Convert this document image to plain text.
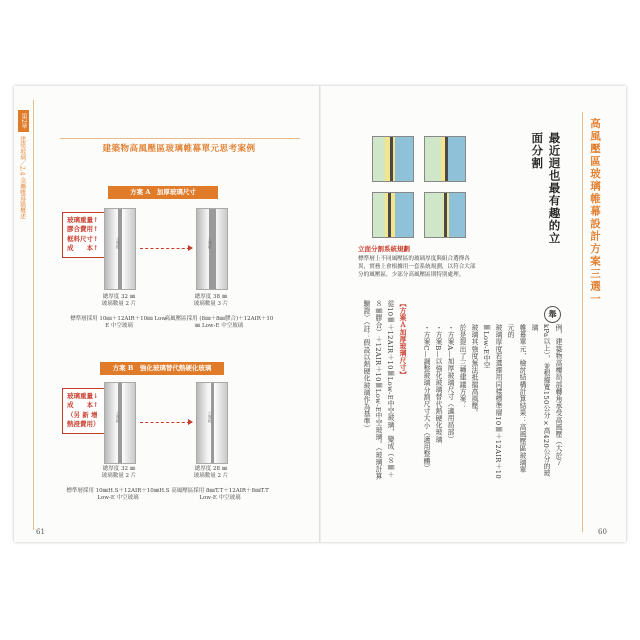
第2章
建築玻璃／2.4 金屬帷幕牆概述	建築物高風壓區玻璃帷幕單元思考案例
方案 A　加厚玻璃尺寸
玻璃重量↑
膠合費用↑
框料尺寸↑
成　　本↑	公壓框	公壓框
總厚度 32 ㎜
玻璃數量 2 片
總厚度 38 ㎜
玻璃數量 3 片
標準層採用 10㎜＋12AIR＋10㎜ Low-E 中空玻璃
高風壓區採用 (8㎜＋8㎜膠合)＋12AIR＋10㎜ Low-E 中空玻璃
方案 B　強化玻璃替代熱硬化玻璃
玻璃重量↓
成　　本↑
（另 新 增
熱浸費用）
公壓框	公壓框
總厚度 32 ㎜
玻璃數量 2 片
總厚度 28 ㎜
玻璃數量 2 片
標準層採用 10㎜H.S＋12AIR＋10㎜H.S Low-E 中空玻璃
高風壓區採用 8㎜T.T＋12AIR＋8㎜T.T Low-E 中空玻璃
61
高風壓區玻璃帷幕設計方案三選一
最近迥也最有趣的立面分割
立面分割系統規劃
標準層上不同風壓區的玻璃厚度與組合選擇各異，實務上會根據用一套系統規劃，以符合大部分的風壓區，少部分高風壓區則特別處理。
舉
例，建築物高樓局部轉角承受高風壓（大於７
kPa以上），並根據寬150公分×高420公分的玻璃
帷幕單元，檢討結構計算結果：高風壓區玻璃單元的
玻璃厚度若選擇用同樣標準層10㎜＋12AIR＋10㎜Low-E中空
玻璃其強度無法抵擋高風壓。
於是提出了三種建議方案：
・方案A—加厚玻璃尺寸（適用局部）
・方案B—以強化玻璃替代熱硬化玻璃
・方案C—調整玻璃分割尺寸大小（適用整體）
【方案Ａ加厚玻璃尺寸】
從10㎜＋12AIR＋10㎜Low-E中空玻璃，變成（８㎜＋
８㎜膠合）＋12AIR＋10㎜Low-E中空玻璃。（玻璃計算
驗證）（註：假設以熱硬化玻璃作為基準）
60
